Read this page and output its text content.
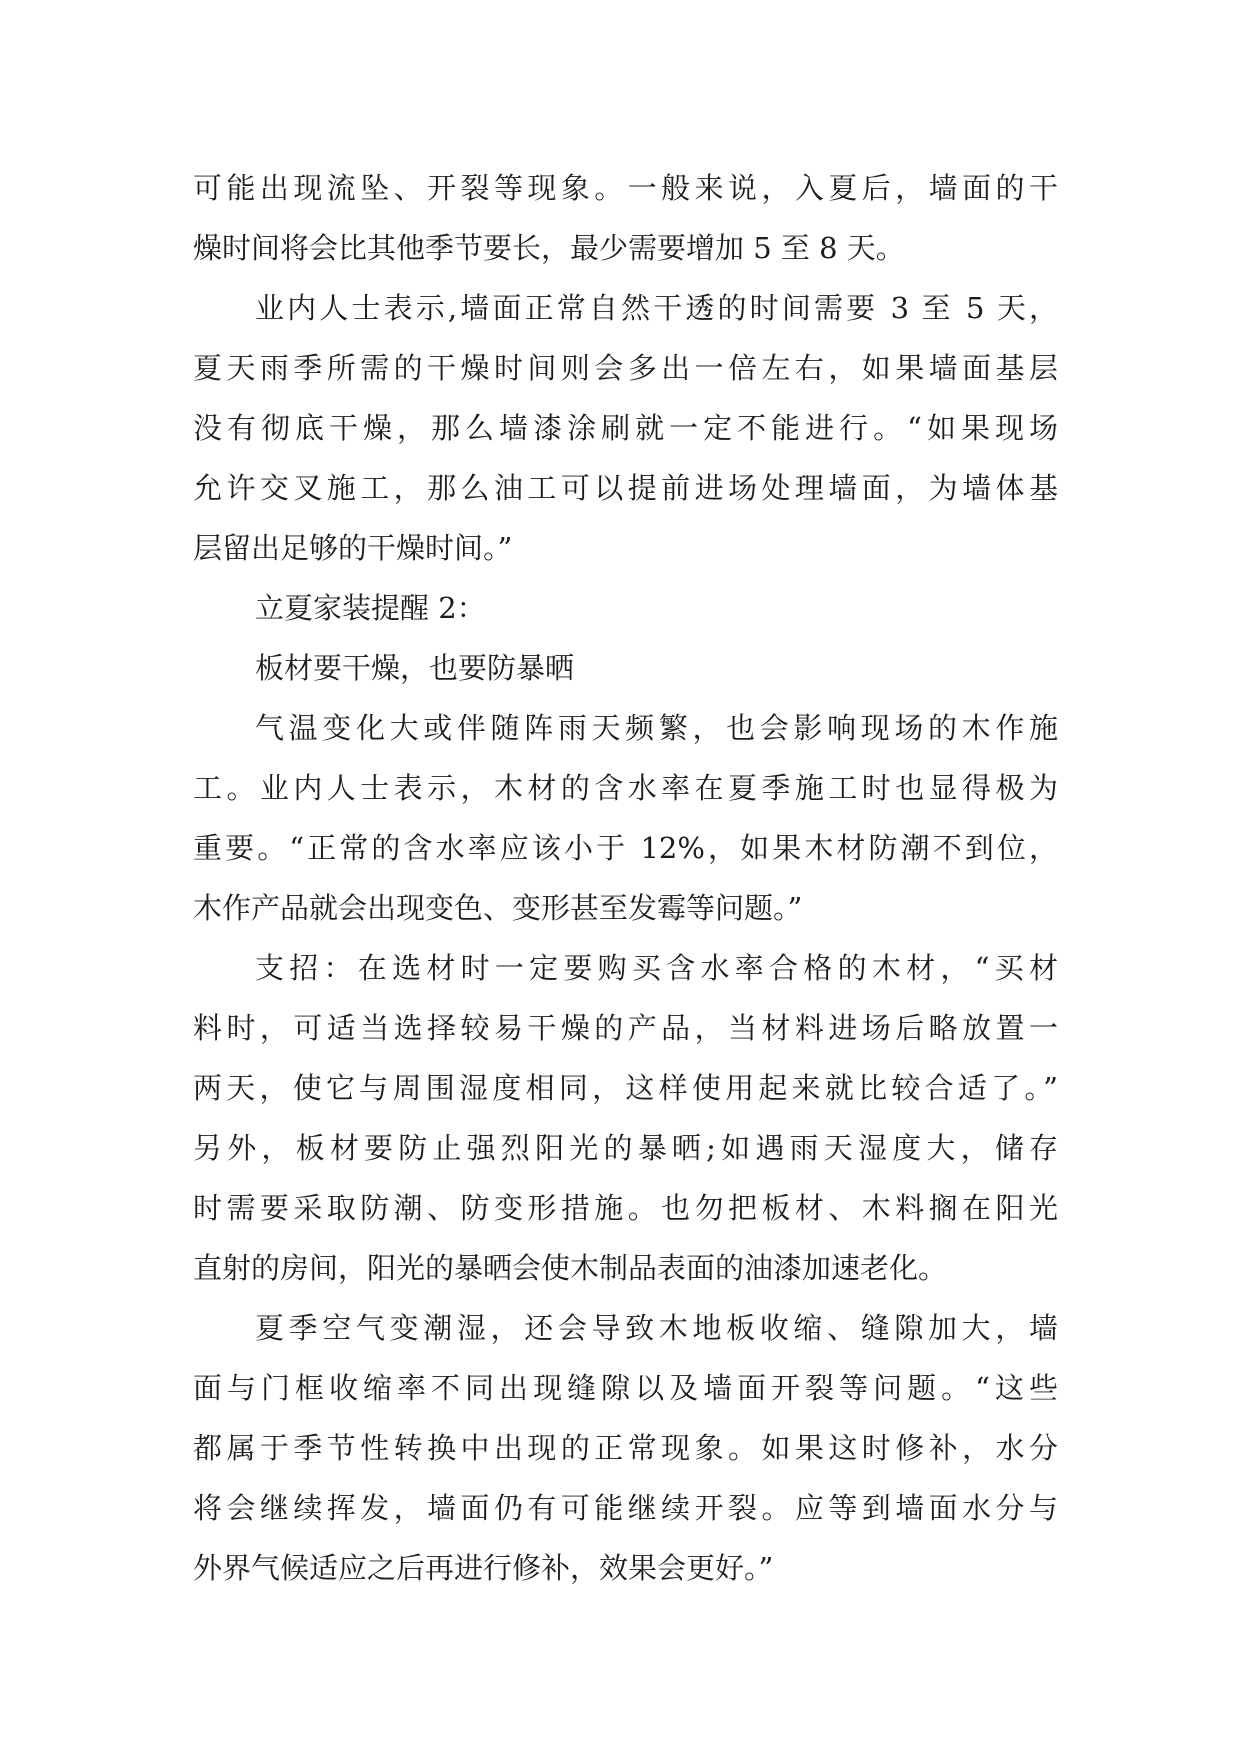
可能出现流坠、开裂等现象。一般来说，入夏后，墙面的干
燥时间将会比其他季节要长，最少需要增加 5 至 8 天。
业内人士表示,墙面正常自然干透的时间需要 3 至 5 天，
夏天雨季所需的干燥时间则会多出一倍左右，如果墙面基层
没有彻底干燥，那么墙漆涂刷就一定不能进行。“如果现场
允许交叉施工，那么油工可以提前进场处理墙面，为墙体基
层留出足够的干燥时间。”
立夏家装提醒 2：
板材要干燥，也要防暴晒
气温变化大或伴随阵雨天频繁，也会影响现场的木作施
工。业内人士表示，木材的含水率在夏季施工时也显得极为
重要。“正常的含水率应该小于 12%，如果木材防潮不到位，
木作产品就会出现变色、变形甚至发霉等问题。”
支招：在选材时一定要购买含水率合格的木材，“买材
料时，可适当选择较易干燥的产品，当材料进场后略放置一
两天，使它与周围湿度相同，这样使用起来就比较合适了。”
另外，板材要防止强烈阳光的暴晒;如遇雨天湿度大，储存
时需要采取防潮、防变形措施。也勿把板材、木料搁在阳光
直射的房间，阳光的暴晒会使木制品表面的油漆加速老化。
夏季空气变潮湿，还会导致木地板收缩、缝隙加大，墙
面与门框收缩率不同出现缝隙以及墙面开裂等问题。“这些
都属于季节性转换中出现的正常现象。如果这时修补，水分
将会继续挥发，墙面仍有可能继续开裂。应等到墙面水分与
外界气候适应之后再进行修补，效果会更好。”
